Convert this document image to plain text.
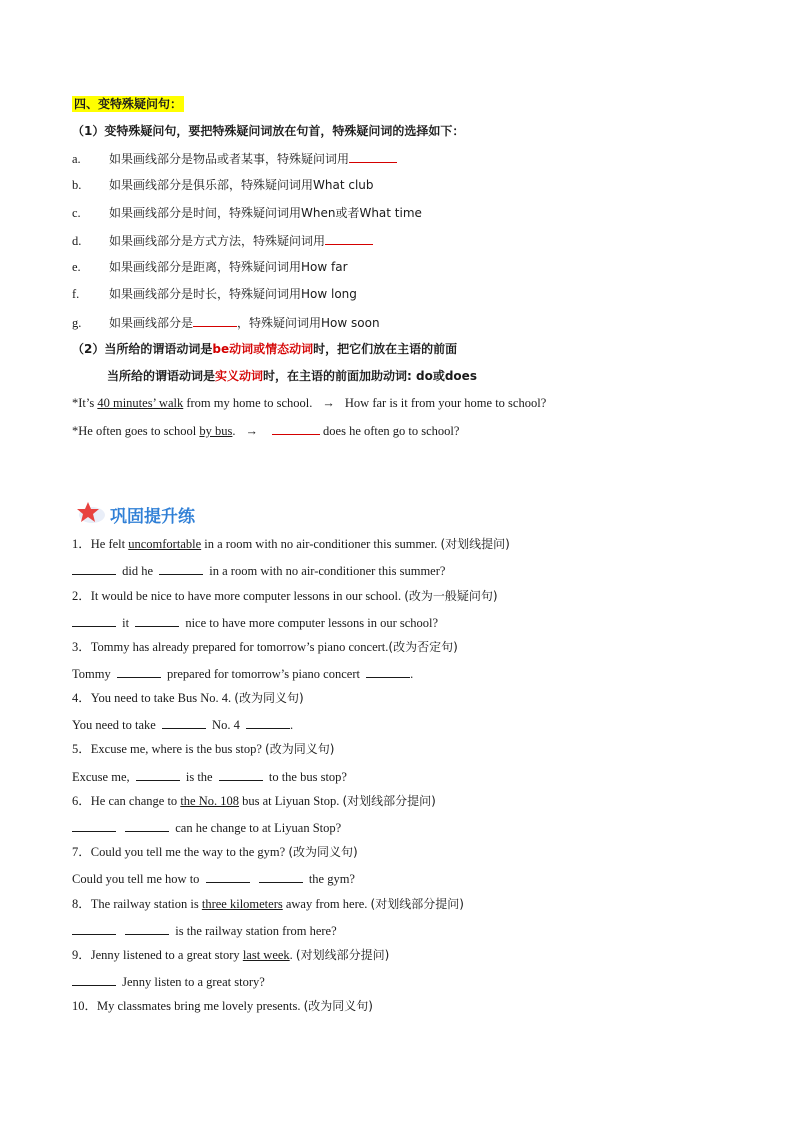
四、变特殊疑问句：
（1）变特殊疑问句，要把特殊疑问词放在句首，特殊疑问词的选择如下：
a. 如果画线部分是物品或者某事，特殊疑问词用
b. 如果画线部分是俱乐部，特殊疑问词用What club
c. 如果画线部分是时间，特殊疑问词用When或者What time
d. 如果画线部分是方式方法，特殊疑问词用
e. 如果画线部分是距离，特殊疑问词用How far
f. 如果画线部分是时长，特殊疑问词用How long
g. 如果画线部分是	，特殊疑问词用How soon
（2）当所给的谓语动词是be动词或情态动词时，把它们放在主语的前面
当所给的谓语动词是实义动词时，在主语的前面加助动词: do或does
*It’s 40 minutes’ walk from my home to school. → How far is it from your home to school?
*He often goes to school by bus. →	does he often go to school?
巩固提升练
1．He felt uncomfortable in a room with no air-conditioner this summer. (对划线提问)
did he	in a room with no air-conditioner this summer?
2．It would be nice to have more computer lessons in our school. (改为一般疑问句)
it	nice to have more computer lessons in our school?
3．Tommy has already prepared for tomorrow’s piano concert.(改为否定句)
Tommy	prepared for tomorrow’s piano concert	.
4．You need to take Bus No. 4. (改为同义句)
You need to take	No. 4	.
5．Excuse me, where is the bus stop? (改为同义句)
Excuse me,	is the	to the bus stop?
6．He can change to the No. 108 bus at Liyuan Stop. (对划线部分提问)
can he change to at Liyuan Stop?
7．Could you tell me the way to the gym? (改为同义句)
Could you tell me how to	the gym?
8．The railway station is three kilometers away from here. (对划线部分提问)
is the railway station from here?
9．Jenny listened to a great story last week. (对划线部分提问)
Jenny listen to a great story?
10．My classmates bring me lovely presents. (改为同义句)
